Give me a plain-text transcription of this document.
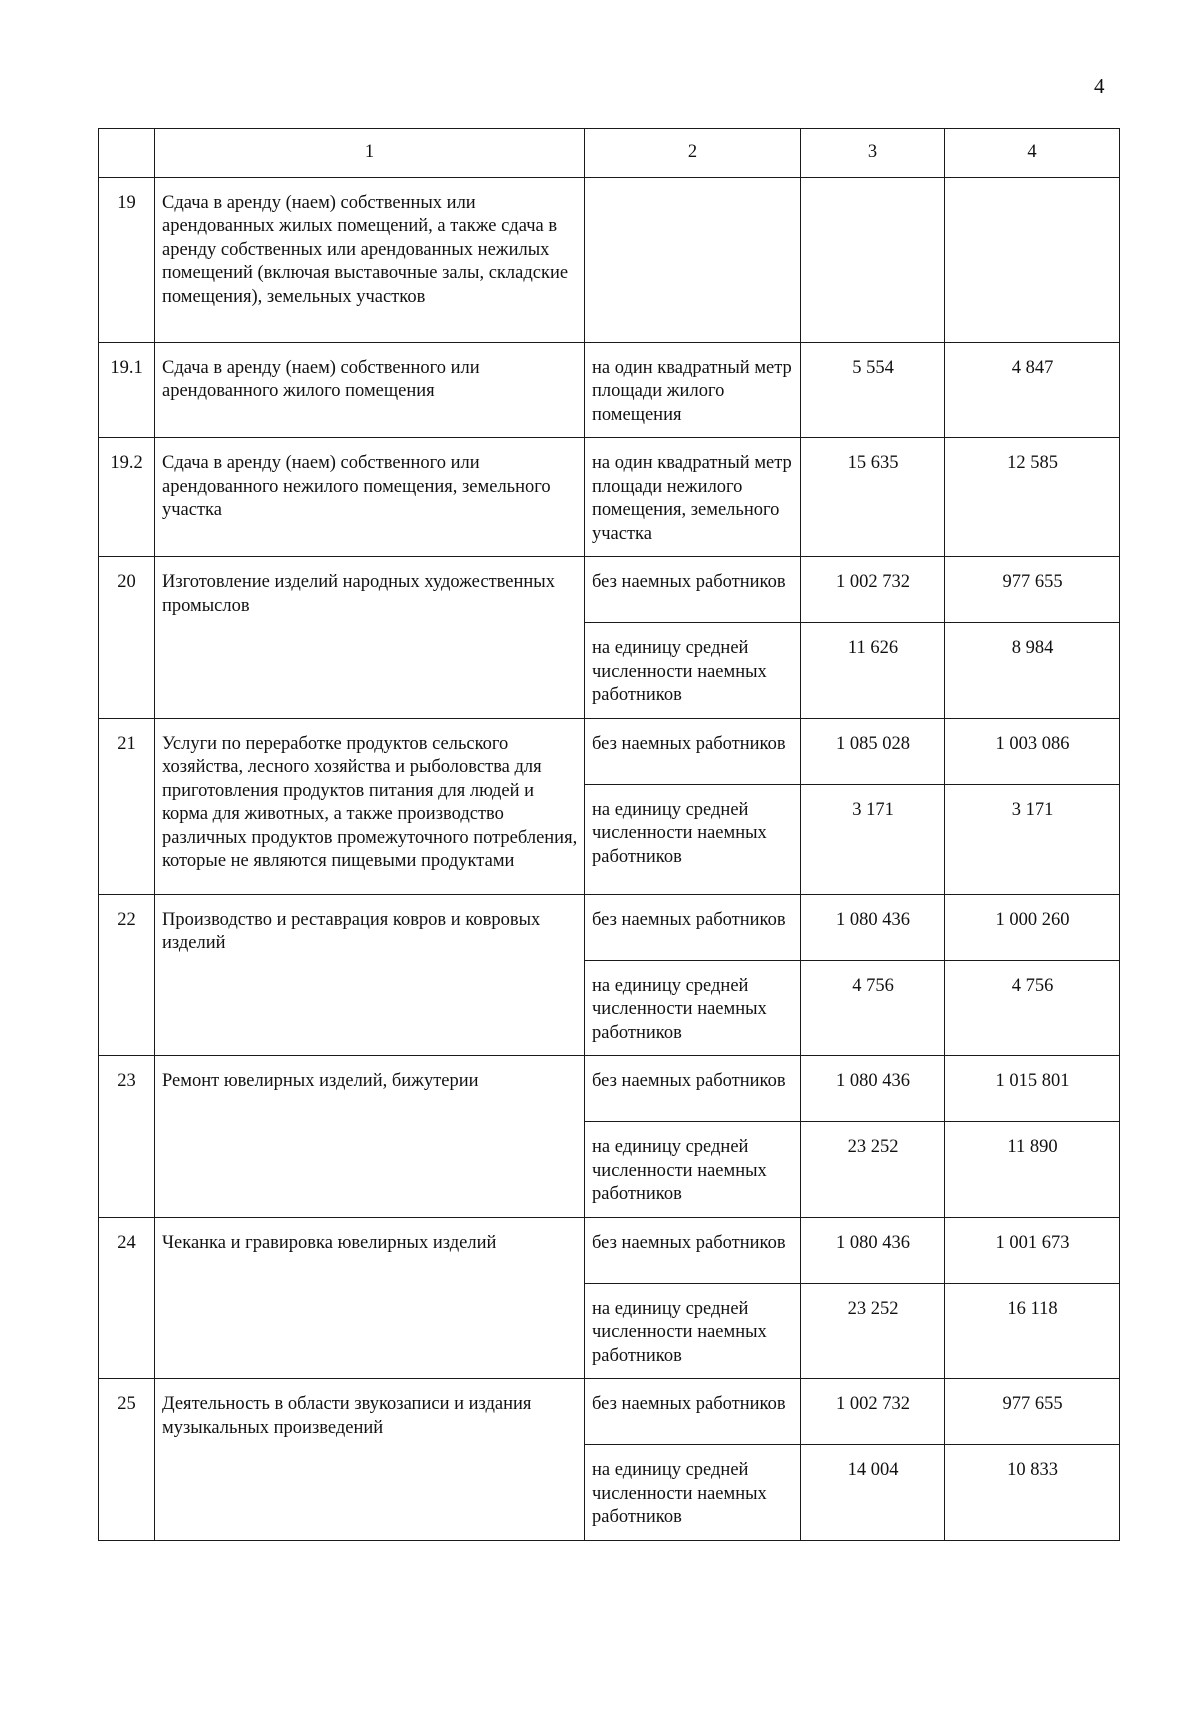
4
	1	2	3	4
19	Сдача в аренду (наем) собственных или арендованных жилых помещений, а также сдача в аренду собственных или арендованных нежилых помещений (включая выставочные залы, складские помещения), земельных участков			
19.1	Сдача в аренду (наем) собственного или арендованного жилого помещения	на один квадратный метр площади жилого помещения	5 554	4 847
19.2	Сдача в аренду (наем) собственного или арендованного нежилого помещения, земельного участка	на один квадратный метр площади нежилого помещения, земельного участка	15 635	12 585
20	Изготовление изделий народных художественных промыслов	без наемных работников	1 002 732	977 655
		на единицу средней численности наемных работников	11 626	8 984
21	Услуги по переработке продуктов сельского хозяйства, лесного хозяйства и рыболовства для приготовления продуктов питания для людей и корма для животных, а также производство различных продуктов промежуточного потребления, которые не являются пищевыми продуктами	без наемных работников	1 085 028	1 003 086
		на единицу средней численности наемных работников	3 171	3 171
22	Производство и реставрация ковров и ковровых изделий	без наемных работников	1 080 436	1 000 260
		на единицу средней численности наемных работников	4 756	4 756
23	Ремонт ювелирных изделий, бижутерии	без наемных работников	1 080 436	1 015 801
		на единицу средней численности наемных работников	23 252	11 890
24	Чеканка и гравировка ювелирных изделий	без наемных работников	1 080 436	1 001 673
		на единицу средней численности наемных работников	23 252	16 118
25	Деятельность в области звукозаписи и издания музыкальных произведений	без наемных работников	1 002 732	977 655
		на единицу средней численности наемных работников	14 004	10 833
